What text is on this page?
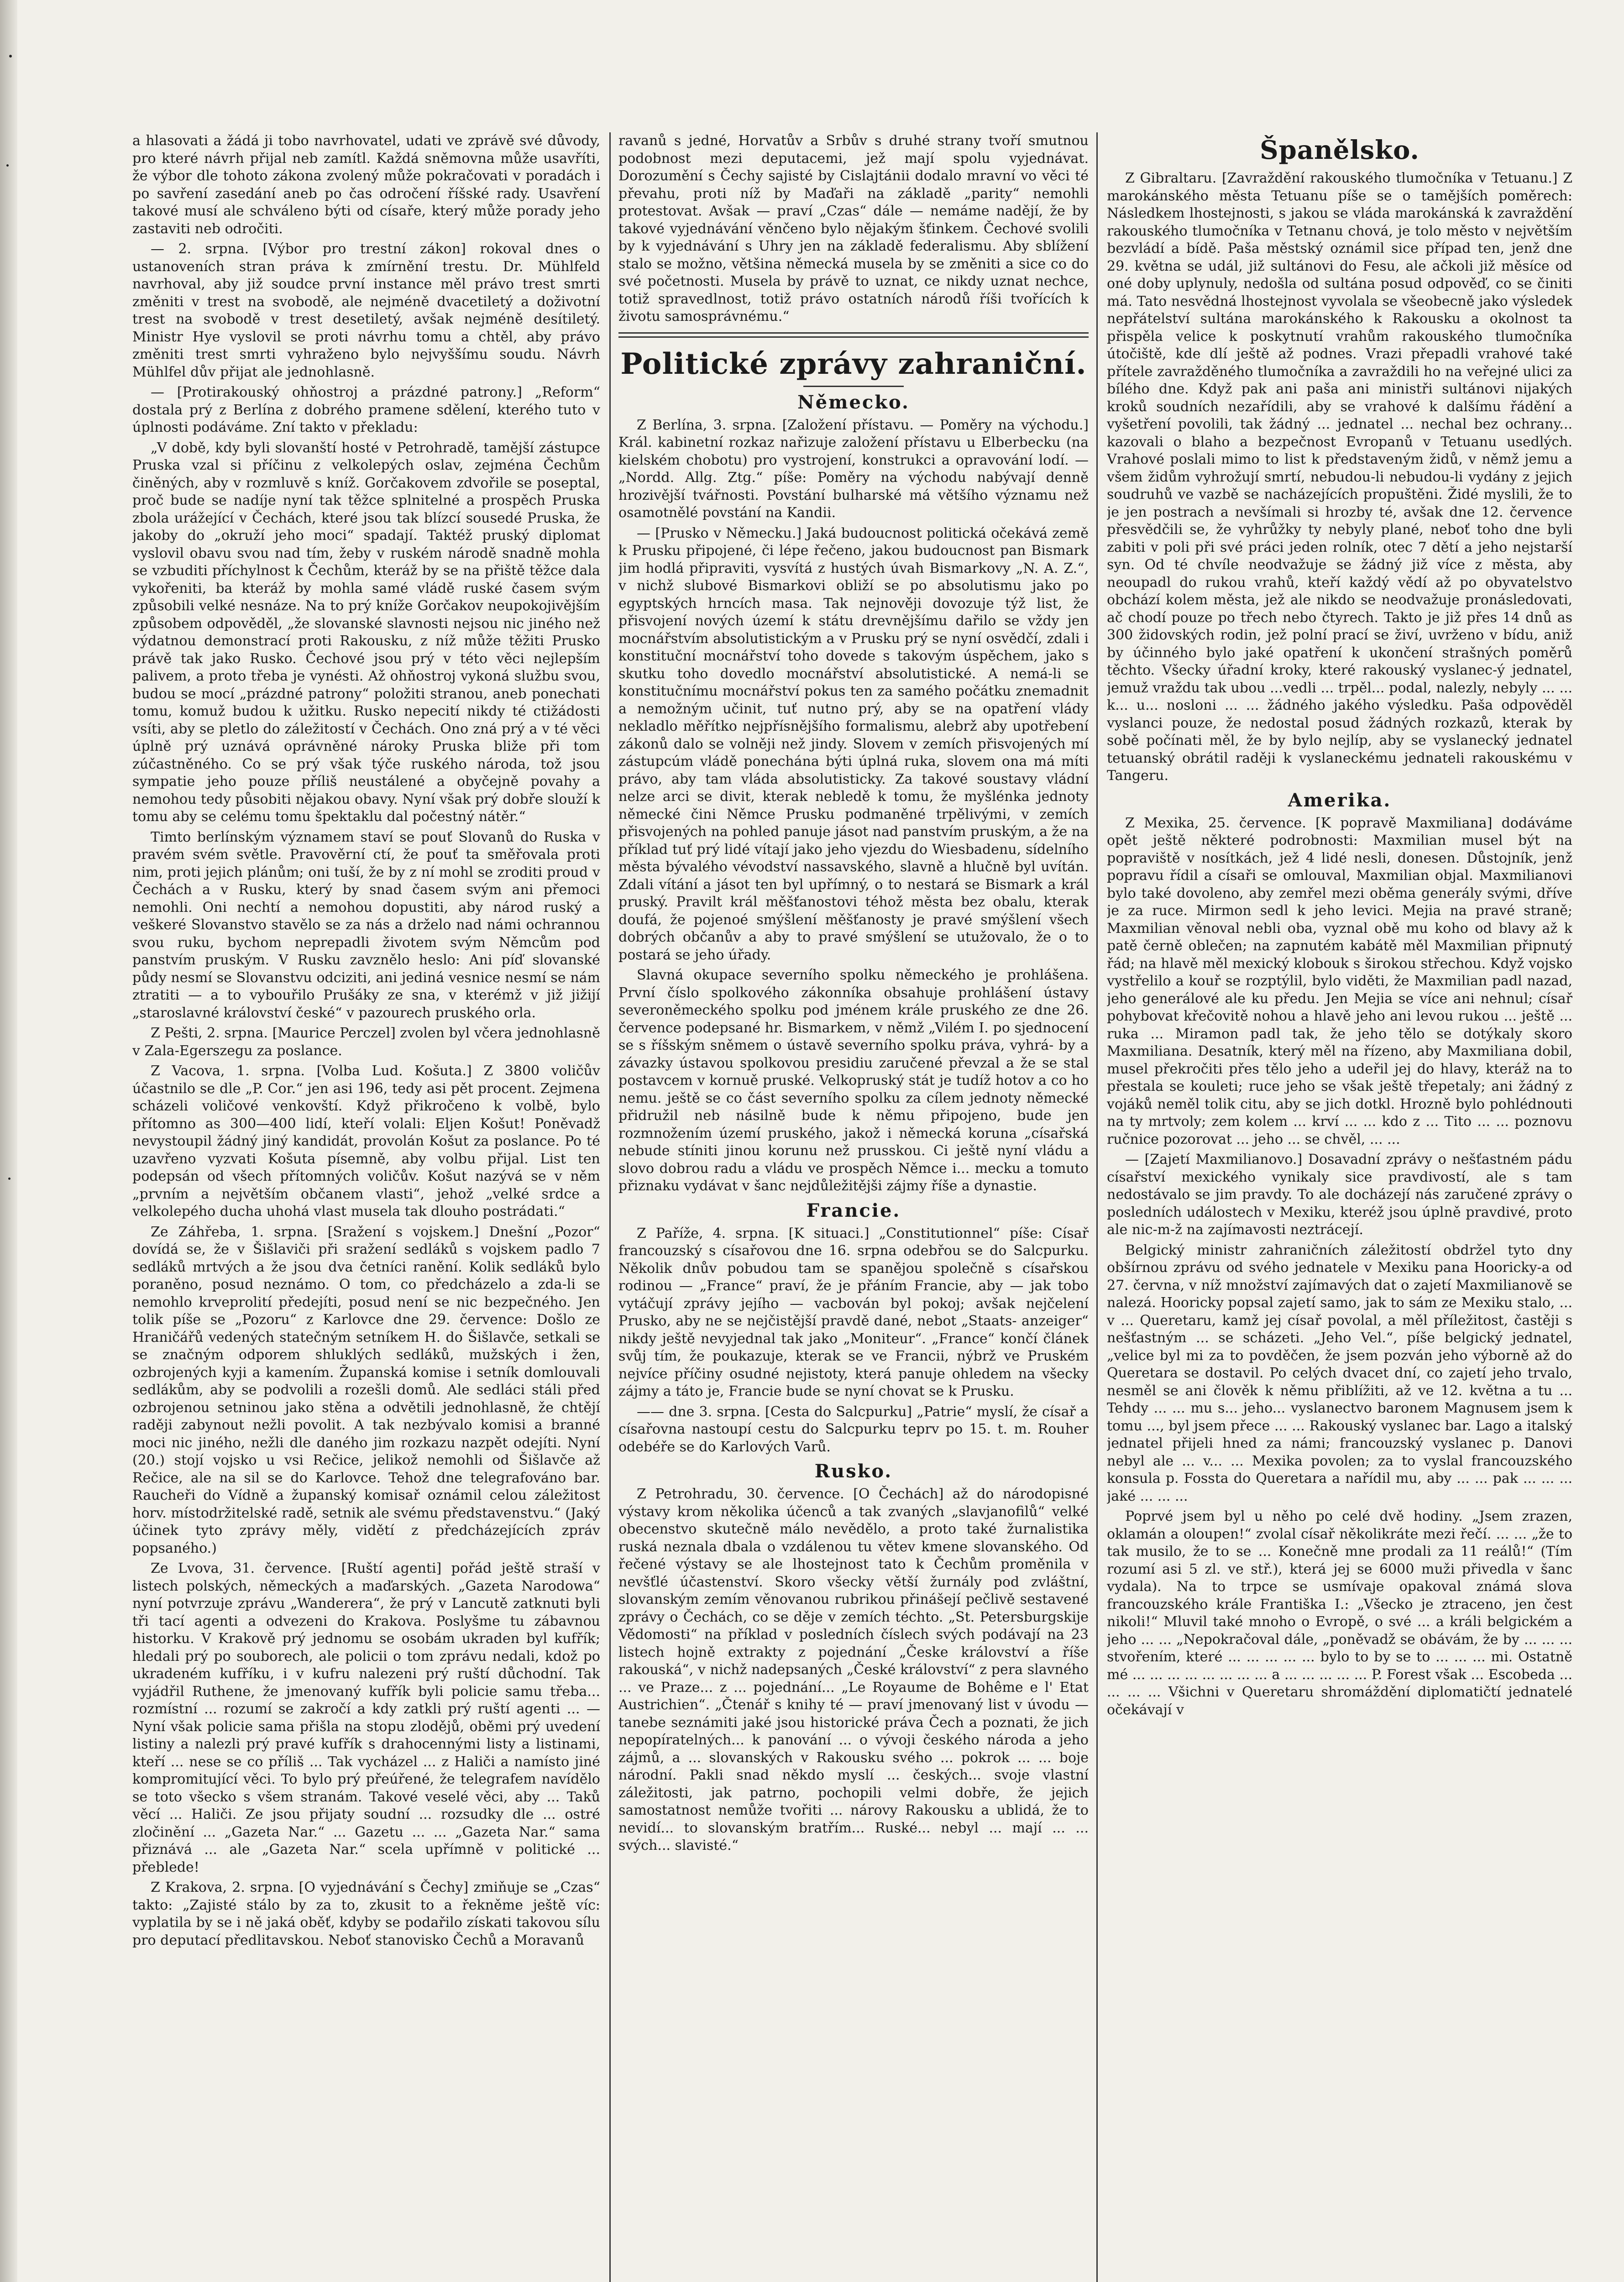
a hlasovati a žádá ji tobo navrhovatel, udati ve zprávě své důvody, pro které návrh přijal neb zamítl. Každá sněmovna může usavříti, že výbor dle tohoto zákona zvolený může pokračovati v poradách i po savření zasedání aneb po čas odročení říšské rady. Usavření takové musí ale schváleno býti od císaře, který může porady jeho zastaviti neb odročiti.

— 2. srpna. [Výbor pro trestní zákon] rokoval dnes o ustanoveních stran práva k zmírnění trestu. Dr. Mühlfeld navrhoval, aby již soudce první instance měl právo trest smrti změniti v trest na svobodě, ale nejméně dvacetiletý a doživotní trest na svobodě v trest desetiletý, avšak nejméně desítiletý. Ministr Hye vyslovil se proti návrhu tomu a chtěl, aby právo změniti trest smrti vyhraženo bylo nejvyššímu soudu. Návrh Mühlfel dův přijat ale jednohlasně.

— [Protirakouský ohňostroj a prázdné patrony.] „Reform“ dostala prý z Berlína z dobrého pramene sdělení, kterého tuto v úplnosti podáváme. Zní takto v překladu:

„V době, kdy byli slovanští hosté v Petrohradě, tamější zástupce Pruska vzal si příčinu z velkolepých oslav, zejména Čechům činěných, aby v rozmluvě s kníž. Gorčakovem zdvořile se poseptal, proč bude se nadíje nyní tak těžce splnitelné a prospěch Pruska zbola urážející v Čechách, které jsou tak blízcí sousedé Pruska, že jakoby do „okruží jeho moci“ spadají. Taktéž pruský diplomat vyslovil obavu svou nad tím, žeby v ruském národě snadně mohla se vzbuditi příchylnost k Čechům, kteráž by se na přiště těžce dala vykořeniti, ba kteráž by mohla samé vládě ruské časem svým způsobili velké nesnáze. Na to prý kníže Gorčakov neupokojivějším způsobem odpověděl, „že slovanské slavnosti nejsou nic jiného než výdatnou demonstrací proti Rakousku, z níž může těžiti Prusko právě tak jako Rusko. Čechové jsou prý v této věci nejlepším palivem, a proto třeba je vynésti. Až ohňostroj vykoná službu svou, budou se mocí „prázdné patrony“ položiti stranou, aneb ponechati tomu, komuž budou k užitku. Rusko nepecití nikdy té ctižádosti vsíti, aby se pletlo do záležitostí v Čechách. Ono zná prý a v té věci úplně prý uznává oprávněné nároky Pruska bliže při tom zúčastněného. Co se prý však týče ruského národa, tož jsou sympatie jeho pouze příliš neustálené a obyčejně povahy a nemohou tedy působiti nějakou obavy. Nyní však prý dobře slouží k tomu aby se celému tomu špektaklu dal počestný nátěr.“

Timto berlínským významem staví se pouť Slovanů do Ruska v pravém svém světle. Pravověrní ctí, že pouť ta směřovala proti nim, proti jejich plánům; oni tuší, že by z ní mohl se zroditi proud v Čechách a v Rusku, který by snad časem svým ani přemoci nemohli. Oni nechtí a nemohou dopustiti, aby národ ruský a veškeré Slovanstvo stavělo se za nás a drželo nad námi ochrannou svou ruku, bychom neprepadli životem svým Němcům pod panstvím pruským. V Rusku zavznělo heslo: Ani píď slovanské půdy nesmí se Slovanstvu odciziti, ani jediná vesnice nesmí se nám ztratiti — a to vybouřilo Prušáky ze sna, v kterémž v již jižijí „staroslavné království české“ v pazourech pruského orla.

Z Pešti, 2. srpna. [Maurice Perczel] zvolen byl včera jednohlasně v Zala-Egerszegu za poslance.

Z Vacova, 1. srpna. [Volba Lud. Košuta.] Z 3800 voličův účastnilo se dle „P. Cor.“ jen asi 196, tedy asi pět procent. Zejmena scházeli voličové venkovští. Když přikročeno k volbě, bylo přítomno as 300—400 lidí, kteří volali: Eljen Košut! Poněvadž nevystoupil žádný jiný kandidát, provolán Košut za poslance. Po té uzavřeno vyzvati Košuta písemně, aby volbu přijal. List ten podepsán od všech přítomných voličův. Košut nazývá se v něm „prvním a největším občanem vlasti“, jehož „velké srdce a velkolepého ducha uhohá vlast musela tak dlouho postrádati.“

Ze Záhřeba, 1. srpna. [Sražení s vojskem.] Dnešní „Pozor“ dovídá se, že v Šišlaviči při sražení sedláků s vojskem padlo 7 sedláků mrtvých a že jsou dva četníci ranění. Kolik sedláků bylo poraněno, posud neznámo. O tom, co předcházelo a zda-li se nemohlo krveprolití předejíti, posud není se nic bezpečného. Jen tolik píše se „Pozoru“ z Karlovce dne 29. července: Došlo ze Hraničářů vedených statečným setníkem H. do Šišlavče, setkali se se značným odporem shluklých sedláků, mužských i žen, ozbrojených kyji a kamením. Županská komise i setník domlouvali sedlákům, aby se podvolili a rozešli domů. Ale sedláci stáli před ozbrojenou setninou jako stěna a odvětili jednohlasně, že chtějí raději zabynout nežli povolit. A tak nezbývalo komisi a branné moci nic jiného, nežli dle daného jim rozkazu nazpět odejíti. Nyní (20.) stojí vojsko u vsi Rečice, jelikož nemohli od Šišlavče až Rečice, ale na sil se do Karlovce. Tehož dne telegrafováno bar. Raucheři do Vídně a županský komisař oznámil celou záležitost horv. místodržitelské radě, setnik ale svému představenstvu.“ (Jaký účinek tyto zprávy měly, vidětí z předcházejících zpráv popsaného.)

Ze Lvova, 31. července. [Ruští agenti] pořád ještě straší v listech polských, německých a maďarských. „Gazeta Narodowa“ nyní potvrzuje zprávu „Wanderera“, že prý v Lancutě zatknuti byli tři tací agenti a odvezeni do Krakova. Poslyšme tu zábavnou historku. V Krakově prý jednomu se osobám ukraden byl kufřík; hledali prý po souborech, ale policii o tom zprávu nedali, kdož po ukradeném kufříku, i v kufru nalezeni prý ruští důchodní. Tak vyjádřil Ruthene, že jmenovaný kufřík byli policie samu třeba... rozmístní ... rozumí se zakročí a kdy zatkli prý ruští agenti ... — Nyní však policie sama přišla na stopu zlodějů, oběmi prý uvedení listiny a nalezli prý pravé kufřík s drahocennými listy a listinami, kteří ... nese se co příliš ... Tak vycházel ... z Haliči a namísto jiné kompromitující věci. To bylo prý přeúřené, že telegrafem navídělo se toto všecko s všem stranám. Takové veselé věci, aby ... Taků věcí ... Haliči. Ze jsou přijaty soudní ... rozsudky dle ... ostré zločinění ... „Gazeta Nar.“ ... Gazetu ... ... „Gazeta Nar.“ sama přiznává ... ale „Gazeta Nar.“ scela upřímně v politické ... přeblede!

Z Krakova, 2. srpna. [O vyjednávání s Čechy] zmiňuje se „Czas“ takto: „Zajisté stálo by za to, zkusit to a řekněme ještě víc: vyplatila by se i ně jaká oběť, kdyby se podařilo získati takovou sílu pro deputací předlitavskou. Neboť stanovisko Čechů a Moravanů

ravanů s jedné, Horvatův a Srbův s druhé strany tvoří smutnou podobnost mezi deputacemi, jež mají spolu vyjednávat. Dorozumění s Čechy sajisté by Cislajtánii dodalo mravní vo věci té převahu, proti níž by Maďaři na základě „parity“ nemohli protestovat. Avšak — praví „Czas“ dále — nemáme nadějí, že by takové vyjednávání věnčeno bylo nějakým šťinkem. Čechové svolili by k vyjednávání s Uhry jen na základě federalismu. Aby sblížení stalo se možno, většina německá musela by se změniti a sice co do své početnosti. Musela by právě to uznat, ce nikdy uznat nechce, totiž spravedlnost, totiž právo ostatních národů říši tvořících k životu samosprávnému.“

Politické zprávy zahraniční.
Německo.

Z Berlína, 3. srpna. [Založení přístavu. — Poměry na východu.] Král. kabinetní rozkaz nařizuje založení přístavu u Elberbecku (na kielském chobotu) pro vystrojení, konstrukci a opravování lodí. — „Nordd. Allg. Ztg.“ píše: Poměry na východu nabývají denně hrozivější tvářnosti. Povstání bulharské má většího významu než osamotnělé povstání na Kandii.

— [Prusko v Německu.] Jaká budoucnost politická očekává země k Prusku připojené, či lépe řečeno, jakou budoucnost pan Bismark jim hodlá připraviti, vysvítá z hustých úvah Bismarkovy „N. A. Z.“, v nichž slubové Bismarkovi obliží se po absolutismu jako po egyptských hrncích masa. Tak nejnověji dovozuje týž list, že přisvojení nových území k státu drevnějšímu dařilo se vždy jen mocnářstvím absolutistickým a v Prusku prý se nyní osvědčí, zdali i konstituční mocnářství toho dovede s takovým úspěchem, jako s skutku toho dovedlo mocnářství absolutistické. A nemá-li se konstitučnímu mocnářství pokus ten za samého počátku znemadnit a nemožným učinit, tuť nutno prý, aby se na opatření vlády nekladlo měřítko nejpřísnějšího formalismu, alebrž aby upotřebení zákonů dalo se volněji než jindy. Slovem v zemích přisvojených mí zástupcúm vládě ponechána býti úplná ruka, slovem ona má míti právo, aby tam vláda absolutisticky. Za takové soustavy vládní nelze arci se divit, kterak nebledě k tomu, že myšlénka jednoty německé čini Němce Prusku podmaněné trpělivými, v zemích přisvojených na pohled panuje jásot nad panstvím pruským, a že na příklad tuť prý lidé vítají jako jeho vjezdu do Wiesbadenu, sídelního města bývalého vévodství nassavského, slavně a hlučně byl uvítán. Zdali vítání a jásot ten byl upřímný, o to nestará se Bismark a král pruský. Pravilt král měšťanostovi téhož města bez obalu, kterak doufá, že pojenoé smýšlení měšťanosty je pravé smýšlení všech dobrých občanův a aby to pravé smýšlení se utužovalo, že o to postará se jeho úřady.

Slavná okupace severního spolku německého je prohlášena. První číslo spolkového zákonníka obsahuje prohlášení ústavy severoněmeckého spolku pod jménem krále pruského ze dne 26. července podepsané hr. Bismarkem, v němž „Vilém I. po sjednocení se s říšským sněmem o ústavě severního spolku práva, vyhrá- by a závazky ústavou spolkovou presidiu zaručené převzal a že se stal postavcem v kornuě pruské. Velkopruský stát je tudíž hotov a co ho nemu. ještě se co část severního spolku za cílem jednoty německé přidružil neb násilně bude k němu připojeno, bude jen rozmnožením území pruského, jakož i německá koruna „císařská nebude stíniti jinou korunu než prusskou. Ci ještě nyní vládu a slovo dobrou radu a vládu ve prospěch Němce i... mecku a tomuto přiznaku vydávat v šanc nejdůležitějši zájmy říše a dynastie.

Francie.

Z Paříže, 4. srpna. [K situaci.] „Constitutionnel“ píše: Císař francouzský s císařovou dne 16. srpna odebřou se do Salcpurku. Několik dnův pobudou tam se spanějou společně s císařskou rodinou — „France“ praví, že je přáním Francie, aby — jak tobo vytáčují zprávy jejího — vacbován byl pokoj; avšak nejčelení Prusko, aby ne se nejčistější pravdě dané, nebot „Staats- anzeiger“ nikdy ještě nevyjednal tak jako „Moniteur“. „France“ končí článek svůj tím, že poukazuje, kterak se ve Francii, nýbrž ve Pruském nejvíce příčiny osudné nejistoty, která panuje ohledem na všecky zájmy a táto je, Francie bude se nyní chovat se k Prusku.

—— dne 3. srpna. [Cesta do Salcpurku] „Patrie“ myslí, že císař a císařovna nastoupí cestu do Salcpurku teprv po 15. t. m. Rouher odebéře se do Karlových Varů.

Rusko.

Z Petrohradu, 30. července. [O Čechách] až do národopisné výstavy krom několika účenců a tak zvaných „slavjanofilů“ velké obecenstvo skutečně málo nevědělo, a proto také žurnalistika ruská neznala dbala o vzdálenou tu větev kmene slovanského. Od řečené výstavy se ale lhostejnost tato k Čechům proměnila v nevšťlé účastenství. Skoro všecky větší žurnály pod zvláštní, slovanským zemím věnovanou rubrikou přinášejí pečlivě sestavené zprávy o Čechách, co se děje v zemích téchto. „St. Petersburgskije Vědomosti“ na příklad v posledních číslech svých podávají na 23 listech hojně extrakty z pojednání „Česke království a říše rakouská“, v nichž nadepsaných „České království“ z pera slavného ... ve Praze... z ... pojednání... „Le Royaume de Bohême e l' Etat Austrichien“. „Čtenář s knihy té — praví jmenovaný list v úvodu — tanebe seznámiti jaké jsou historické práva Čech a poznati, že jich nepopíratelných... k panování ... o vývoji českého národa a jeho zájmů, a ... slovanských v Rakousku svého ... pokrok ... ... boje národní. Pakli snad někdo myslí ... českých... svoje vlastní záležitosti, jak patrno, pochopili velmi dobře, že jejich samostatnost nemůže tvořiti ... nárovy Rakousku a ublidá, že to nevidí... to slovanským bratřím... Ruské... nebyl ... mají ... ... svých... slavisté.“

Španělsko.

Z Gibraltaru. [Zavraždění rakouského tlumočníka v Tetuanu.] Z marokánského města Tetuanu píše se o tamějších poměrech: Následkem lhostejnosti, s jakou se vláda marokánská k zavraždění rakouského tlumočníka v Tetnanu chová, je tolo město v největším bezvládí a bídě. Paša městský oznámil sice případ ten, jenž dne 29. května se udál, již sultánovi do Fesu, ale ačkoli již měsíce od oné doby uplynuly, nedošla od sultána posud odpověď, co se činiti má. Tato nesvědná lhostejnost vyvolala se všeobecně jako výsledek nepřátelství sultána marokánského k Rakousku a okolnost ta přispěla velice k poskytnutí vrahům rakouského tlumočníka útočiště, kde dlí ještě až podnes. Vrazi přepadli vrahové také přítele zavražděného tlumočníka a zavraždili ho na veřejné ulici za bílého dne. Když pak ani paša ani ministři sultánovi nijakých kroků soudních nezařídili, aby se vrahové k dalšímu řádění a vyšetření povolili, tak žádný ... jednatel ... nechal bez ochrany... kazovali o blaho a bezpečnost Evropanů v Tetuanu usedlých. Vrahové poslali mimo to list k představeným židů, v němž jemu a všem židům vyhrožují smrtí, nebudou-li nebudou-li vydány z jejich soudruhů ve vazbě se nacházejících propuštěni. Židé myslili, že to je jen postrach a nevšímali si hrozby té, avšak dne 12. července přesvědčili se, že vyhrůžky ty nebyly plané, neboť toho dne byli zabiti v poli při své práci jeden rolník, otec 7 dětí a jeho nejstarší syn. Od té chvíle neodvažuje se žádný již více z města, aby neoupadl do rukou vrahů, kteří každý vědí až po obyvatelstvo obchází kolem města, jež ale nikdo se neodvažuje pronásledovati, ač chodí pouze po třech nebo čtyrech. Takto je již přes 14 dnů as 300 židovských rodin, jež polní prací se živí, uvrženo v bídu, aniž by účinného bylo jaké opatření k ukončení strašných poměrů těchto. Všecky úřadní kroky, které rakouský vyslanec-ý jednatel, jemuž vraždu tak ubou ...vedli ... trpěl... podal, nalezly, nebyly ... ... k... u... nosloni ... ... žádného jakého výsledku. Paša odpověděl vyslanci pouze, že nedostal posud žádných rozkazů, kterak by sobě počínati měl, že by bylo nejlíp, aby se vyslanecký jednatel tetuanský obrátil raději k vyslaneckému jednateli rakouskému v Tangeru.

Amerika.

Z Mexika, 25. července. [K popravě Maxmiliana] dodáváme opět ještě některé podrobnosti: Maxmilian musel být na popraviště v nosítkách, jež 4 lidé nesli, donesen. Důstojník, jenž popravu řídil a císaři se omlouval, Maxmilian objal. Maxmilianovi bylo také dovoleno, aby zemřel mezi oběma generály svými, dříve je za ruce. Mirmon sedl k jeho levici. Mejia na pravé straně; Maxmilian věnoval nebli oba, vyznal obě mu koho od blavy až k patě černě oblečen; na zapnutém kabátě měl Maxmilian připnutý řád; na hlavě měl mexický klobouk s širokou střechou. Když vojsko vystřelilo a kouř se rozptýlil, bylo viděti, že Maxmilian padl nazad, jeho generálové ale ku předu. Jen Mejia se více ani nehnul; císař pohybovat křečovitě nohou a hlavě jeho ani levou rukou ... ještě ... ruka ... Miramon padl tak, že jeho tělo se dotýkaly skoro Maxmiliana. Desatník, který měl na řízeno, aby Maxmiliana dobil, musel překročiti přes tělo jeho a udeřil jej do hlavy, kteráž na to přestala se kouleti; ruce jeho se však ještě třepetaly; ani žádný z vojáků neměl tolik citu, aby se jich dotkl. Hrozně bylo pohlédnouti na ty mrtvoly; zem kolem ... krví ... ... kdo z ... Tito ... ... poznovu ručnice pozorovat ... jeho ... se chvěl, ... ...

— [Zajetí Maxmilianovo.] Dosavadní zprávy o nešťastném pádu císařství mexického vynikaly sice pravdivostí, ale s tam nedostávalo se jim pravdy. To ale docházejí nás zaručené zprávy o posledních událostech v Mexiku, kteréž jsou úplně pravdivé, proto ale nic-m-ž na zajímavosti neztrácejí.

Belgický ministr zahraničních záležitostí obdržel tyto dny obšírnou zprávu od svého jednatele v Mexiku pana Hooricky-a od 27. června, v níž množství zajímavých dat o zajetí Maxmilianově se nalezá. Hooricky popsal zajetí samo, jak to sám ze Mexiku stalo, ... v ... Queretaru, kamž jej císař povolal, a měl příležitost, častěji s nešťastným ... se scházeti. „Jeho Vel.“, píše belgický jednatel, „velice byl mi za to povděčen, že jsem pozván jeho výborně až do Queretara se dostavil. Po celých dvacet dní, co zajetí jeho trvalo, nesměl se ani člověk k němu přiblížiti, až ve 12. května a tu ... Tehdy ... ... mu s... jeho... vyslanectvo baronem Magnusem jsem k tomu ..., byl jsem přece ... ... Rakouský vyslanec bar. Lago a italský jednatel přijeli hned za námi; francouzský vyslanec p. Danovi nebyl ale ... v... ... Mexika povolen; za to vyslal francouzského konsula p. Fossta do Queretara a nařídil mu, aby ... ... pak ... ... ... jaké ... ... ...

Poprvé jsem byl u něho po celé dvě hodiny. „Jsem zrazen, oklamán a oloupen!“ zvolal císař několikráte mezi řečí. ... ... „že to tak musilo, že to se ... Konečně mne prodali za 11 reálů!“ (Tím rozumí asi 5 zl. ve stř.), která jej se 6000 muži přivedla v šanc vydala). Na to trpce se usmívaje opakoval známá slova francouzského krále Františka I.: „Všecko je ztraceno, jen čest nikoli!“ Mluvil také mnoho o Evropě, o své ... a králi belgickém a jeho ... ... „Nepokračoval dále, „poněvadž se obávám, že by ... ... ... stvořením, které ... ... ... ... ... bylo to by se to ... ... ... mi. Ostatně mé ... ... ... ... ... ... ... ... a ... ... ... ... ... P. Forest však ... Escobeda ... ... ... ... Všichni v Queretaru shromáždění diplomatičtí jednatelé očekávají v
